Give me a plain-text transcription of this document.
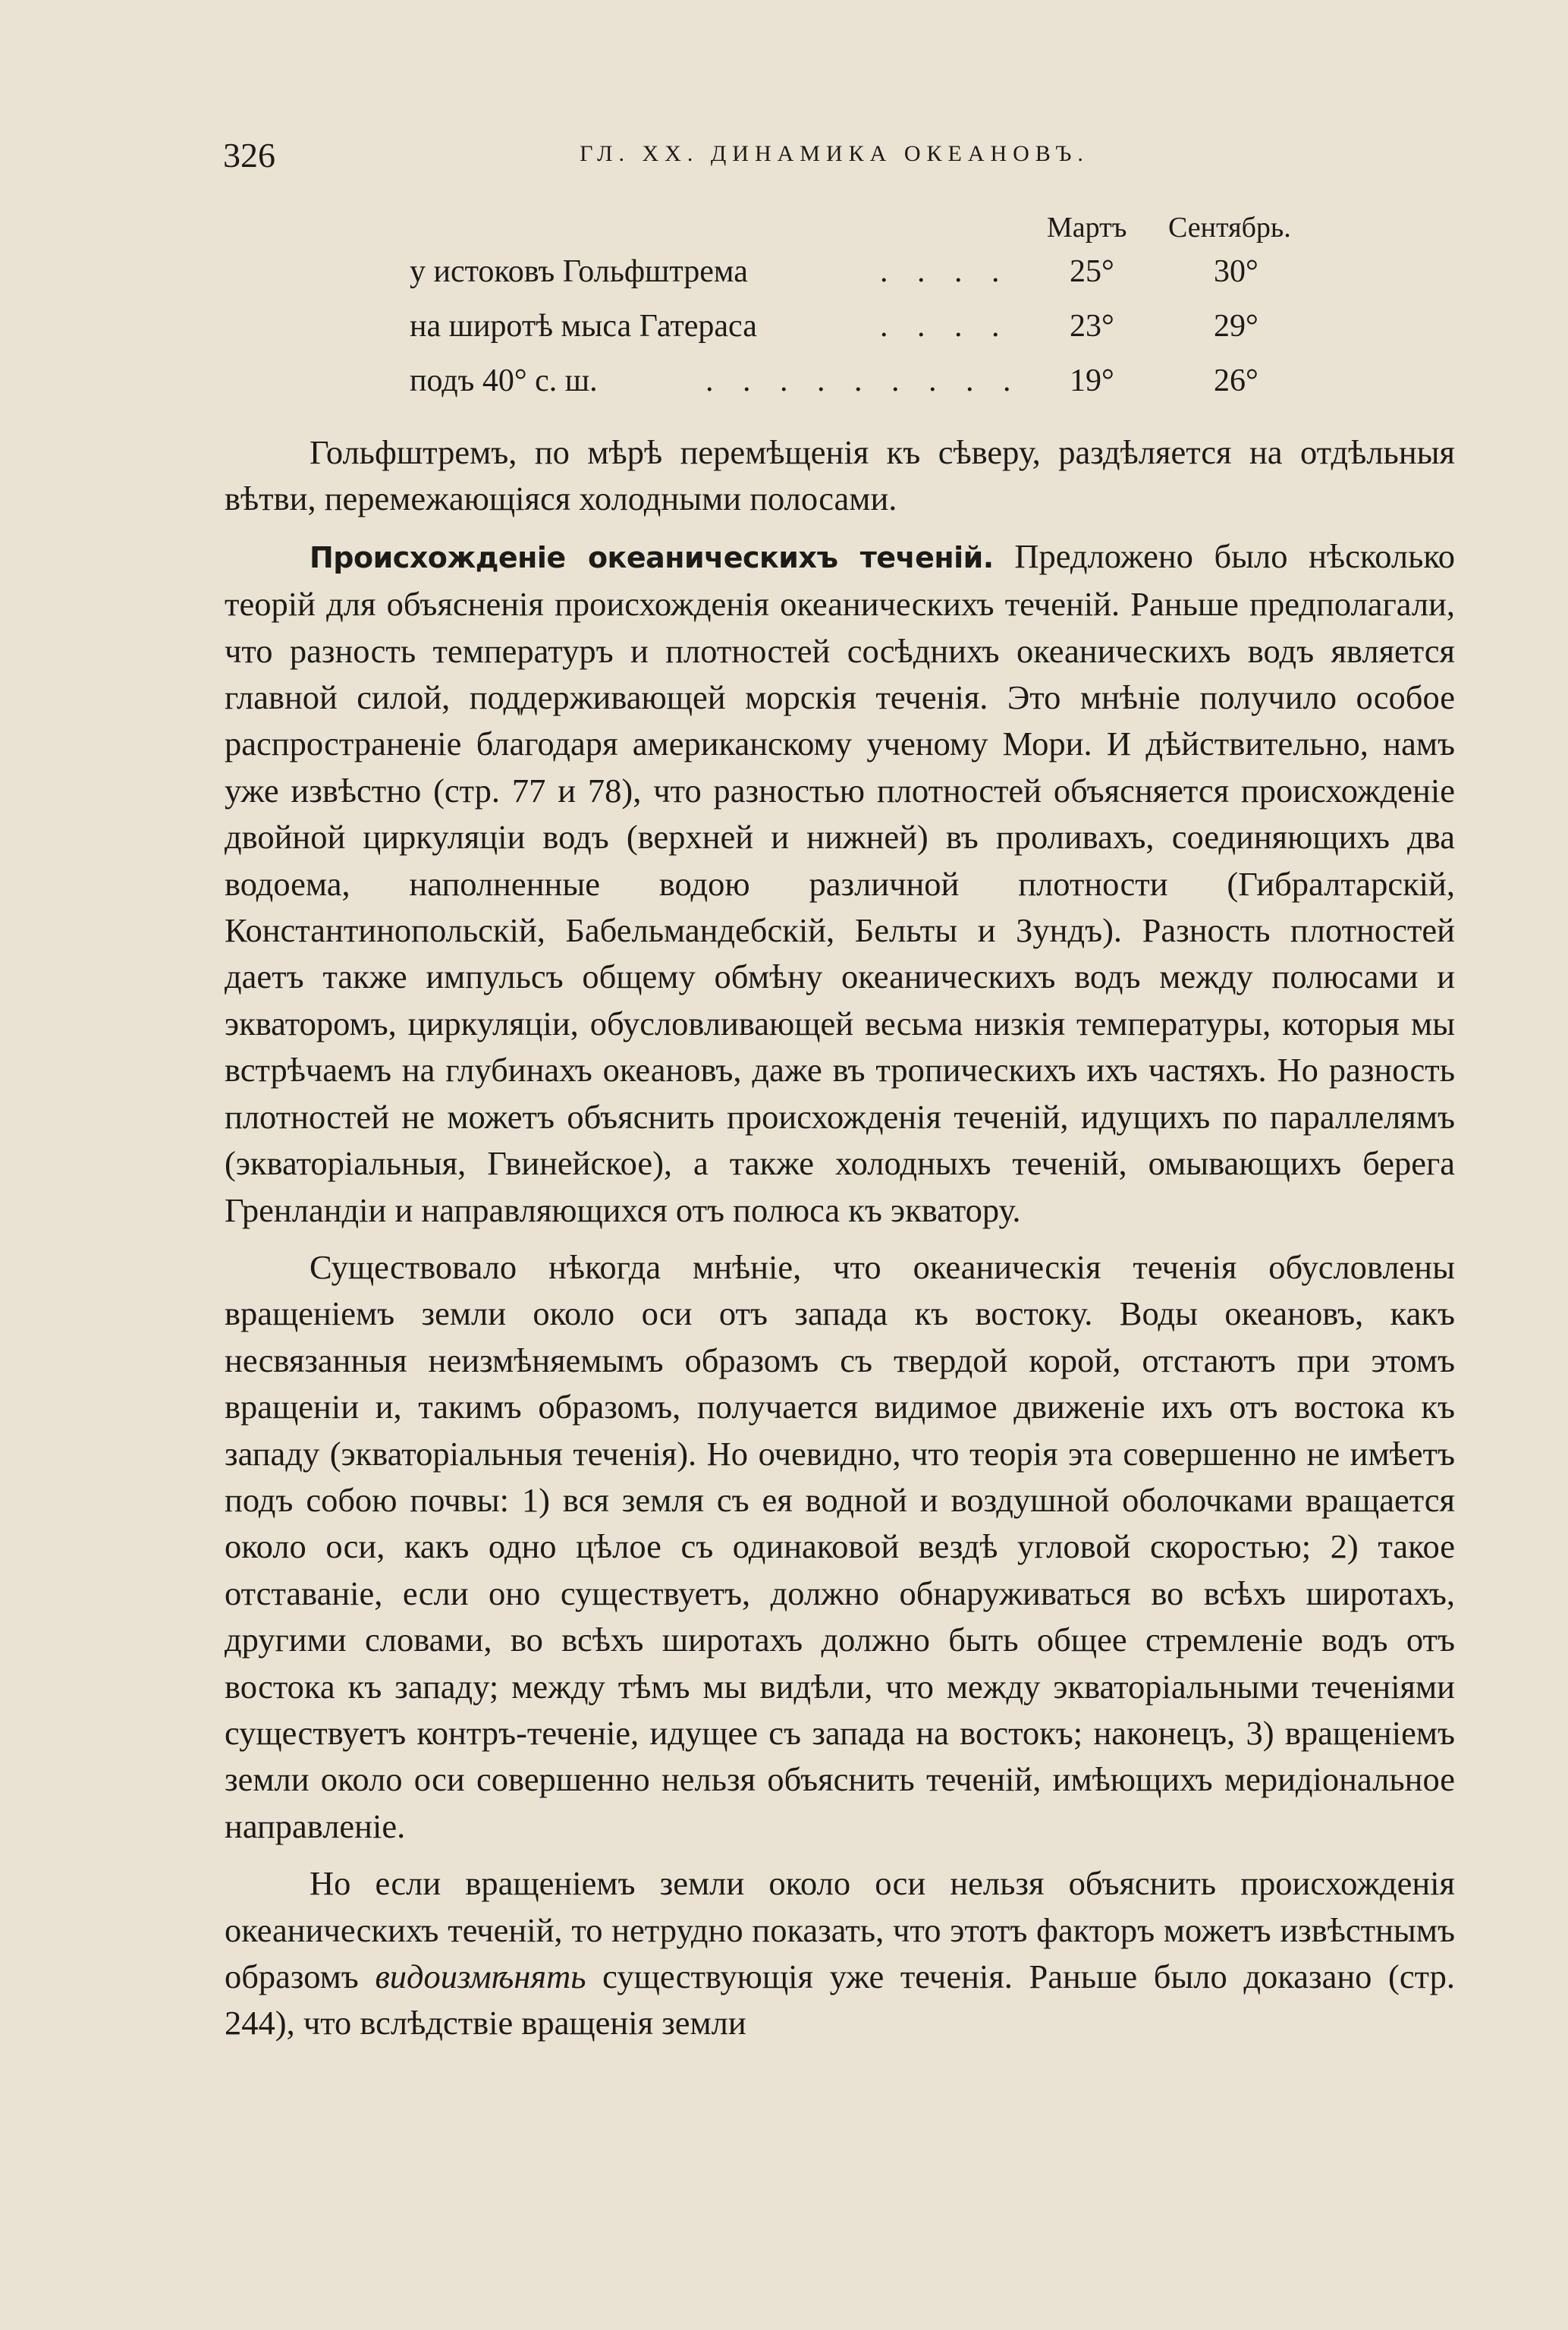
326	ГЛ. XX. ДИНАМИКА ОКЕАНОВЪ.
Мартъ Сентябрь.
у истоковъ Гольфштрема	. . . . 25°	30°
на широтѣ мыса Гатераса	. . . . 23°	29°
подъ 40° с. ш.	. . . . . . . . . 19°	26°

Гольфштремъ, по мѣрѣ перемѣщенія къ сѣверу, раздѣляется на отдѣльныя вѣтви, перемежающіяся холодными полосами.

Происхожденіе океаническихъ теченій. Предложено было нѣсколько теорій для объясненія происхожденія океаническихъ теченій. Раньше предполагали, что разность температуръ и плотностей сосѣднихъ океаническихъ водъ является главной силой, поддерживающей морскія теченія. Это мнѣніе получило особое распространеніе благодаря американскому ученому Мори. И дѣйствительно, намъ уже извѣстно (стр. 77 и 78), что разностью плотностей объясняется происхожденіе двойной циркуляціи водъ (верхней и нижней) въ проливахъ, соединяющихъ два водоема, наполненные водою различной плотности (Гибралтарскій, Константинопольскій, Бабельмандебскій, Бельты и Зундъ). Разность плотностей даетъ также импульсъ общему обмѣну океаническихъ водъ между полюсами и экваторомъ, циркуляціи, обусловливающей весьма низкія температуры, которыя мы встрѣчаемъ на глубинахъ океановъ, даже въ тропическихъ ихъ частяхъ. Но разность плотностей не можетъ объяснить происхожденія теченій, идущихъ по параллелямъ (экваторіальныя, Гвинейское), а также холодныхъ теченій, омывающихъ берега Гренландіи и направляющихся отъ полюса къ экватору.

Существовало нѣкогда мнѣніе, что океаническія теченія обусловлены вращеніемъ земли около оси отъ запада къ востоку. Воды океановъ, какъ несвязанныя неизмѣняемымъ образомъ съ твердой корой, отстаютъ при этомъ вращеніи и, такимъ образомъ, получается видимое движеніе ихъ отъ востока къ западу (экваторіальныя теченія). Но очевидно, что теорія эта совершенно не имѣетъ подъ собою почвы: 1) вся земля съ ея водной и воздушной оболочками вращается около оси, какъ одно цѣлое съ одинаковой вездѣ угловой скоростью; 2) такое отставаніе, если оно существуетъ, должно обнаруживаться во всѣхъ широтахъ, другими словами, во всѣхъ широтахъ должно быть общее стремленіе водъ отъ востока къ западу; между тѣмъ мы видѣли, что между экваторіальными теченіями существуетъ контръ-теченіе, идущее съ запада на востокъ; наконецъ, 3) вращеніемъ земли около оси совершенно нельзя объяснить теченій, имѣющихъ меридіональное направленіе.

Но если вращеніемъ земли около оси нельзя объяснить происхожденія океаническихъ теченій, то нетрудно показать, что этотъ факторъ можетъ извѣстнымъ образомъ видоизмѣнять существующія уже теченія. Раньше было доказано (стр. 244), что вслѣдствіе вращенія земли
